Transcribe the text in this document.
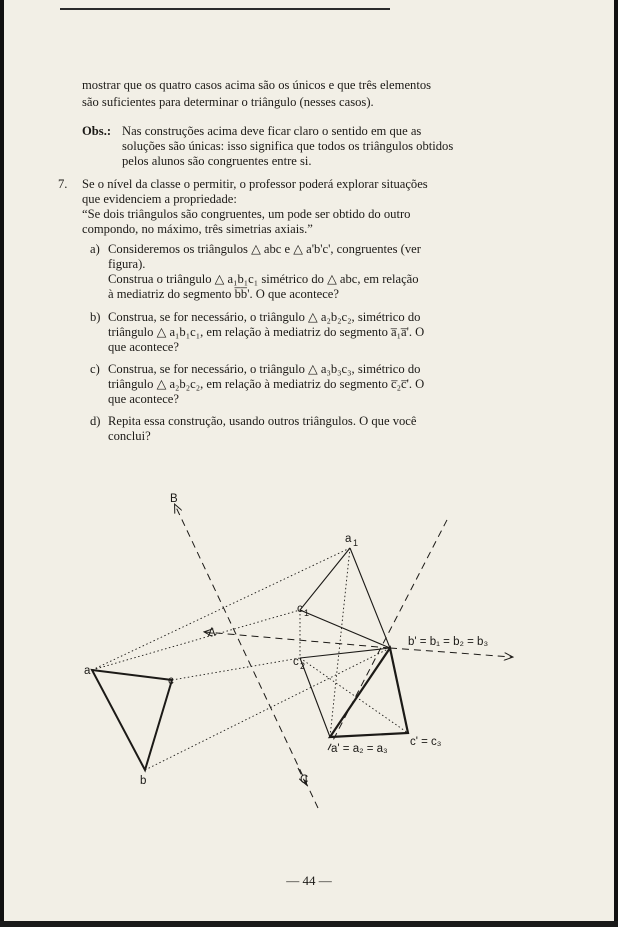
mostrar que os quatro casos acima são os únicos e que três elementos
são suficientes para determinar o triângulo (nesses casos).
Obs.: Nas construções acima deve ficar claro o sentido em que as
soluções são únicas: isso significa que todos os triângulos obtidos
pelos alunos são congruentes entre si.
7. Se o nível da classe o permitir, o professor poderá explorar situações
que evidenciem a propriedade:
“Se dois triângulos são congruentes, um pode ser obtido do outro
compondo, no máximo, três simetrias axiais.”
a) Consideremos os triângulos △ abc e △ a'b'c', congruentes (ver
figura).
Construa o triângulo △ a₁b₁c₁ simétrico do △ abc, em relação
à mediatriz do segmento b̅b̅'. O que acontece?
b) Construa, se for necessário, o triângulo △ a₂b₂c₂, simétrico do
triângulo △ a₁b₁c₁, em relação à mediatriz do segmento a̅₁a̅'. O
que acontece?
c) Construa, se for necessário, o triângulo △ a₃b₃c₃, simétrico do
triângulo △ a₂b₂c₂, em relação à mediatriz do segmento c̅₂c̅'. O
que acontece?
d) Repita essa construção, usando outros triângulos. O que você
conclui?
A
B
C
a
c
b
a 1
c 1
c 2
b' = b₁ = b₂ = b₃
a' = a₂ = a₃
c' = c₃
— 44 —
